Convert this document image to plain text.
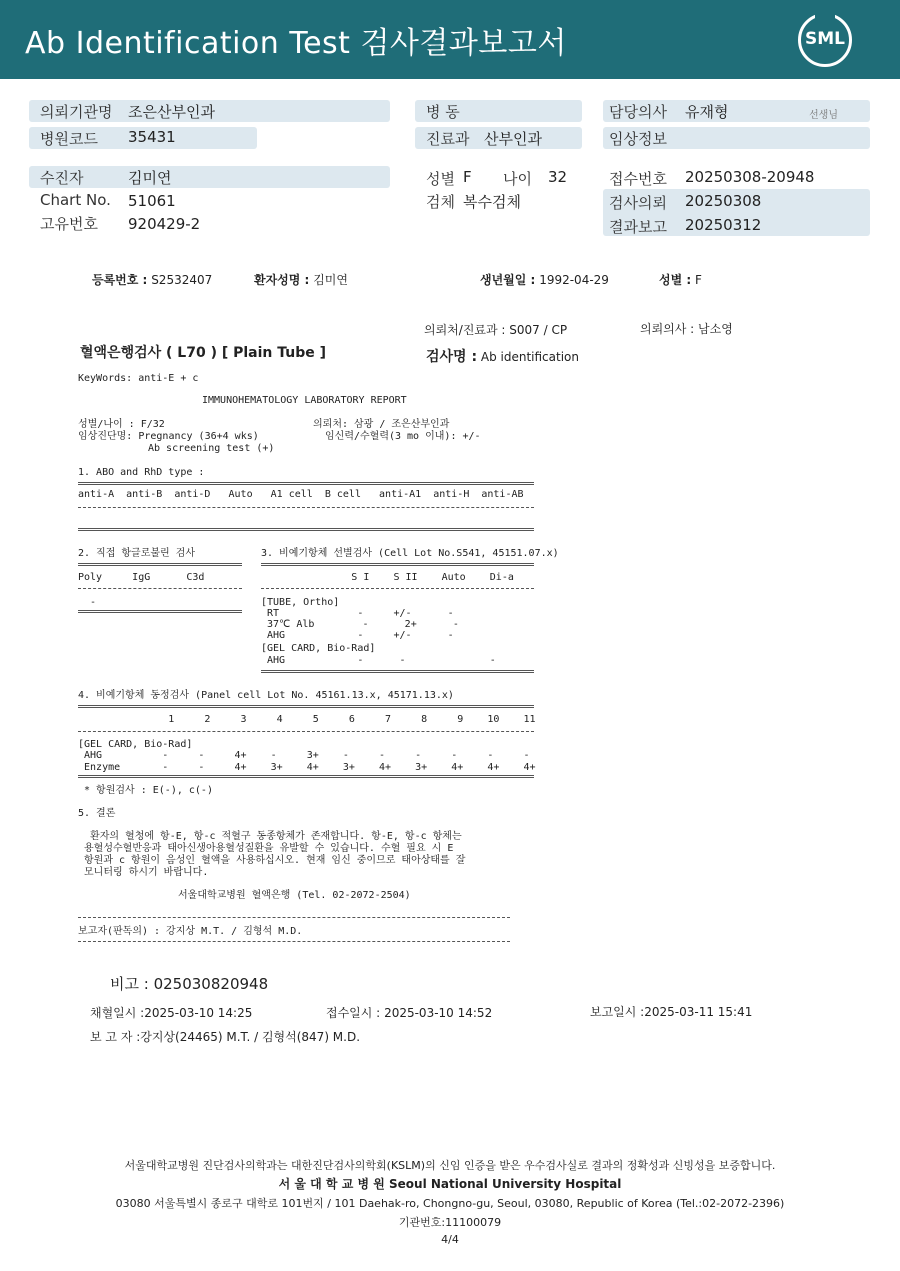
Ab Identification Test 검사결과보고서	SML
의뢰기관명 조은산부인과	병 동	담당의사 유재형	선생님
병원코드 35431	진료과 산부인과	임상정보
수진자	김미연	성별 F 나이 32	접수번호 20250308-20948
Chart No. 51061	검체 복수검체	검사의뢰 20250308
고유번호 920429-2	결과보고 20250312
등록번호 : S2532407	환자성명 : 김미연	생년월일 : 1992-04-29	성별 : F
의뢰처/진료과 : S007 / CP	의뢰의사 : 남소영
혈액은행검사 ( L70 ) [ Plain Tube ]	검사명 : Ab identification
KeyWords: anti-E + c
IMMUNOHEMATOLOGY LABORATORY REPORT
성별/나이 : F/32
임상진단명: Pregnancy (36+4 wks)
Ab screening test (+)
의뢰처: 삼광 / 조은산부인과
임신력/수혈력(3 mo 이내): +/-
1. ABO and RhD type :
anti-A  anti-B  anti-D   Auto   A1 cell  B cell   anti-A1  anti-H  anti-AB
2. 직접 항글로불린 검사
Poly     IgG      C3d
-
3. 비예기항체 선별검사 (Cell Lot No.S541, 45151.07.x)
S I    S II    Auto    Di-a
[TUBE, Ortho]
RT             -     +/-      -
37℃ Alb        -      2+      -
AHG            -     +/-      -
[GEL CARD, Bio-Rad]
AHG            -      -              -
4. 비예기항체 동정검사 (Panel cell Lot No. 45161.13.x, 45171.13.x)
1     2     3     4     5     6     7     8     9    10    11
[GEL CARD, Bio-Rad]
AHG          -     -     4+    -     3+    -     -     -     -     -     -
Enzyme       -     -     4+    3+    4+    3+    4+    3+    4+    4+    4+
* 항원검사 : E(-), c(-)
5. 결론
환자의 혈청에 항-E, 항-c 적혈구 동종항체가 존재합니다. 항-E, 항-c 항체는
용혈성수혈반응과 태아신생아용혈성질환을 유발할 수 있습니다. 수혈 필요 시 E
항원과 c 항원이 음성인 혈액을 사용하십시오. 현재 임신 중이므로 태아상태를 잘
모니터링 하시기 바랍니다.
서울대학교병원 혈액은행 (Tel. 02-2072-2504)
보고자(판독의) : 강지상 M.T. / 김형석 M.D.
비고 : 025030820948
채혈일시 :2025-03-10 14:25	접수일시 : 2025-03-10 14:52	보고일시 :2025-03-11 15:41
보 고 자 :강지상(24465) M.T. / 김형석(847) M.D.
서울대학교병원 진단검사의학과는 대한진단검사의학회(KSLM)의 신임 인증을 받은 우수검사실로 결과의 정확성과 신빙성을 보증합니다.
서 울 대 학 교 병 원 Seoul National University Hospital
03080 서울특별시 종로구 대학로 101번지 / 101 Daehak-ro, Chongno-gu, Seoul, 03080, Republic of Korea (Tel.:02-2072-2396)
기관번호:11100079
4/4
